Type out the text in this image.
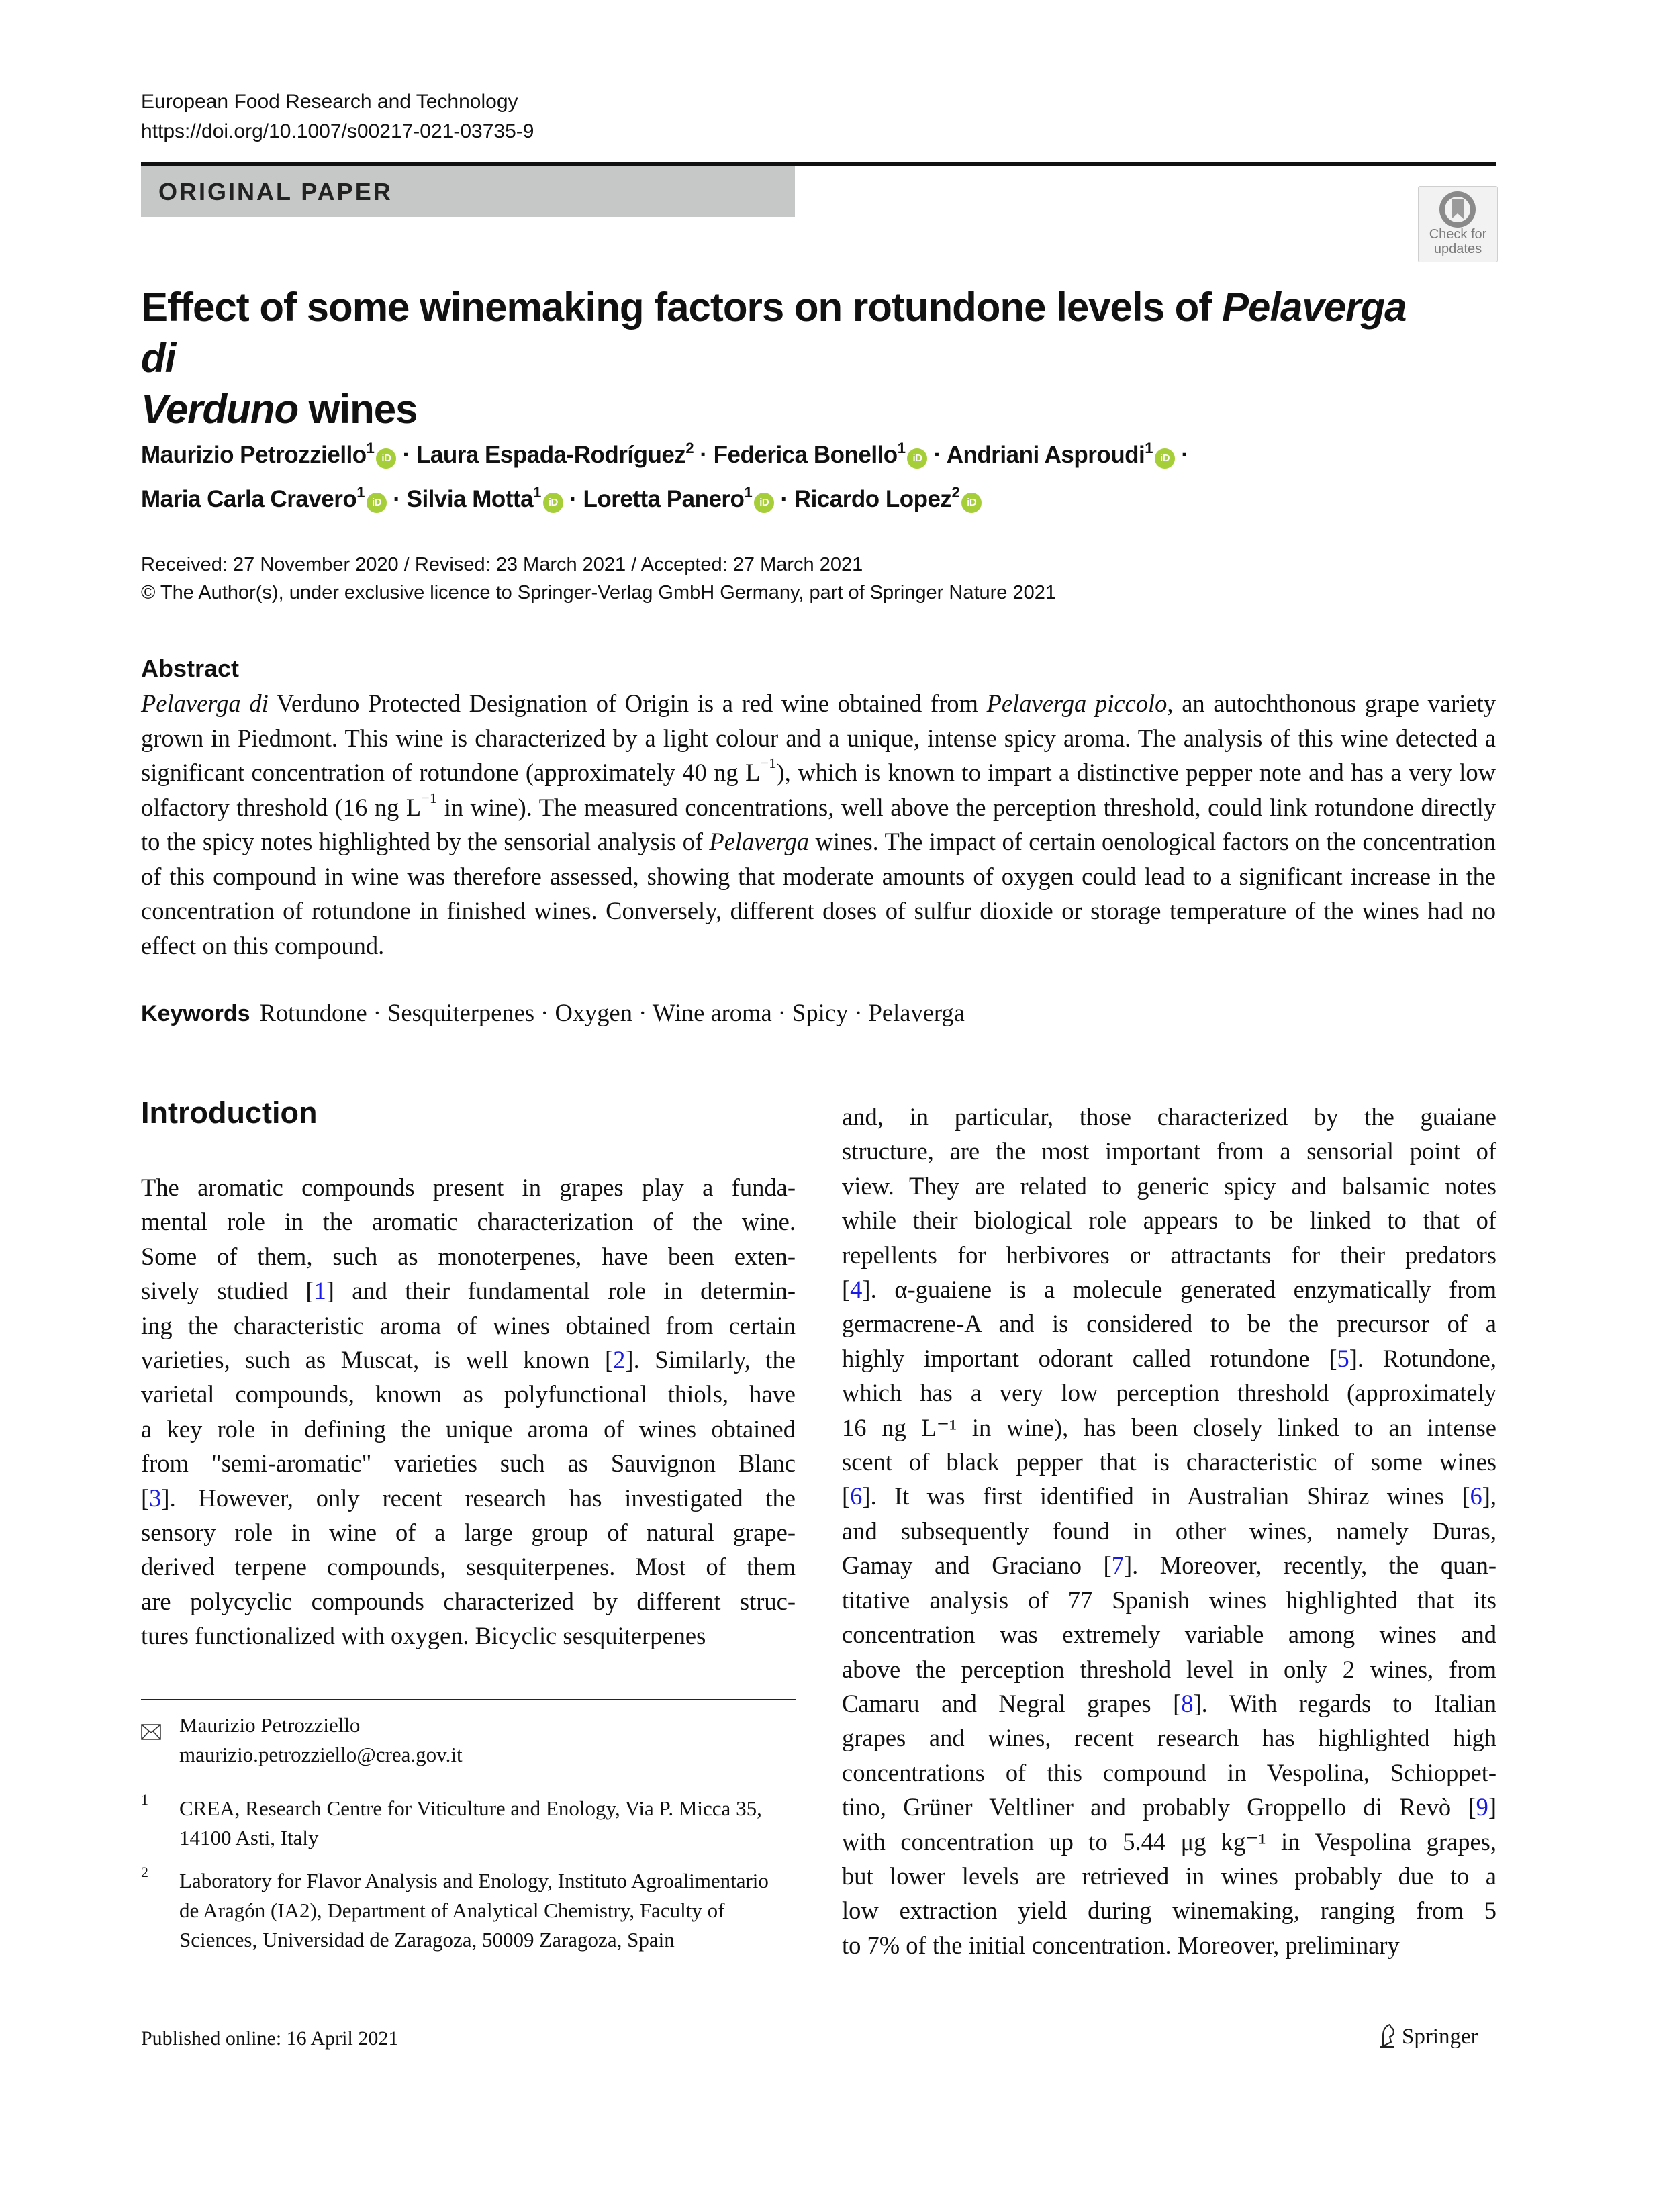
European Food Research and Technology
https://doi.org/10.1007/s00217-021-03735-9
ORIGINAL PAPER
Check for
updates
Effect of some winemaking factors on rotundone levels of Pelaverga di
Verduno wines
Maurizio Petrozziello$^1$iD · Laura Espada-Rodríguez$^2$ · Federica Bonello$^1$iD · Andriani Asproudi$^1$iD ·
Maria Carla Cravero$^1$iD · Silvia Motta$^1$iD · Loretta Panero$^1$iD · Ricardo Lopez$^2$iD
Received: 27 November 2020 / Revised: 23 March 2021 / Accepted: 27 March 2021
© The Author(s), under exclusive licence to Springer-Verlag GmbH Germany, part of Springer Nature 2021
Abstract
Pelaverga di Verduno Protected Designation of Origin is a red wine obtained from Pelaverga piccolo, an autochthonous grape variety grown in Piedmont. This wine is characterized by a light colour and a unique, intense spicy aroma. The analysis of this wine detected a significant concentration of rotundone (approximately 40 ng $L^{-1}$), which is known to impart a distinctive pepper note and has a very low olfactory threshold (16 ng $L^{-1}$ in wine). The measured concentrations, well above the perception threshold, could link rotundone directly to the spicy notes highlighted by the sensorial analysis of Pelaverga wines. The impact of certain oenological factors on the concentration of this compound in wine was therefore assessed, showing that moderate amounts of oxygen could lead to a significant increase in the concentration of rotundone in finished wines. Conversely, different doses of sulfur dioxide or storage temperature of the wines had no effect on this compound.
Keywords Rotundone · Sesquiterpenes · Oxygen · Wine aroma · Spicy · Pelaverga
Introduction
The aromatic compounds present in grapes play a funda-
mental role in the aromatic characterization of the wine.
Some of them, such as monoterpenes, have been exten-
sively studied [1] and their fundamental role in determin-
ing the characteristic aroma of wines obtained from certain
varieties, such as Muscat, is well known [2]. Similarly, the
varietal compounds, known as polyfunctional thiols, have
a key role in defining the unique aroma of wines obtained
from "semi-aromatic" varieties such as Sauvignon Blanc
[3]. However, only recent research has investigated the
sensory role in wine of a large group of natural grape-
derived terpene compounds, sesquiterpenes. Most of them
are polycyclic compounds characterized by different struc-
tures functionalized with oxygen. Bicyclic sesquiterpenes
and, in particular, those characterized by the guaiane
structure, are the most important from a sensorial point of
view. They are related to generic spicy and balsamic notes
while their biological role appears to be linked to that of
repellents for herbivores or attractants for their predators
[4]. α-guaiene is a molecule generated enzymatically from
germacrene-A and is considered to be the precursor of a
highly important odorant called rotundone [5]. Rotundone,
which has a very low perception threshold (approximately
16 ng L⁻¹ in wine), has been closely linked to an intense
scent of black pepper that is characteristic of some wines
[6]. It was first identified in Australian Shiraz wines [6],
and subsequently found in other wines, namely Duras,
Gamay and Graciano [7]. Moreover, recently, the quan-
titative analysis of 77 Spanish wines highlighted that its
concentration was extremely variable among wines and
above the perception threshold level in only 2 wines, from
Camaru and Negral grapes [8]. With regards to Italian
grapes and wines, recent research has highlighted high
concentrations of this compound in Vespolina, Schioppet-
tino, Grüner Veltliner and probably Groppello di Revò [9]
with concentration up to 5.44 μg kg⁻¹ in Vespolina grapes,
but lower levels are retrieved in wines probably due to a
low extraction yield during winemaking, ranging from 5
to 7% of the initial concentration. Moreover, preliminary
Maurizio Petrozziello
maurizio.petrozziello@crea.gov.it
1 CREA, Research Centre for Viticulture and Enology, Via P. Micca 35, 14100 Asti, Italy
2 Laboratory for Flavor Analysis and Enology, Instituto Agroalimentario de Aragón (IA2), Department of Analytical Chemistry, Faculty of Sciences, Universidad de Zaragoza, 50009 Zaragoza, Spain
Published online: 16 April 2021	Springer
